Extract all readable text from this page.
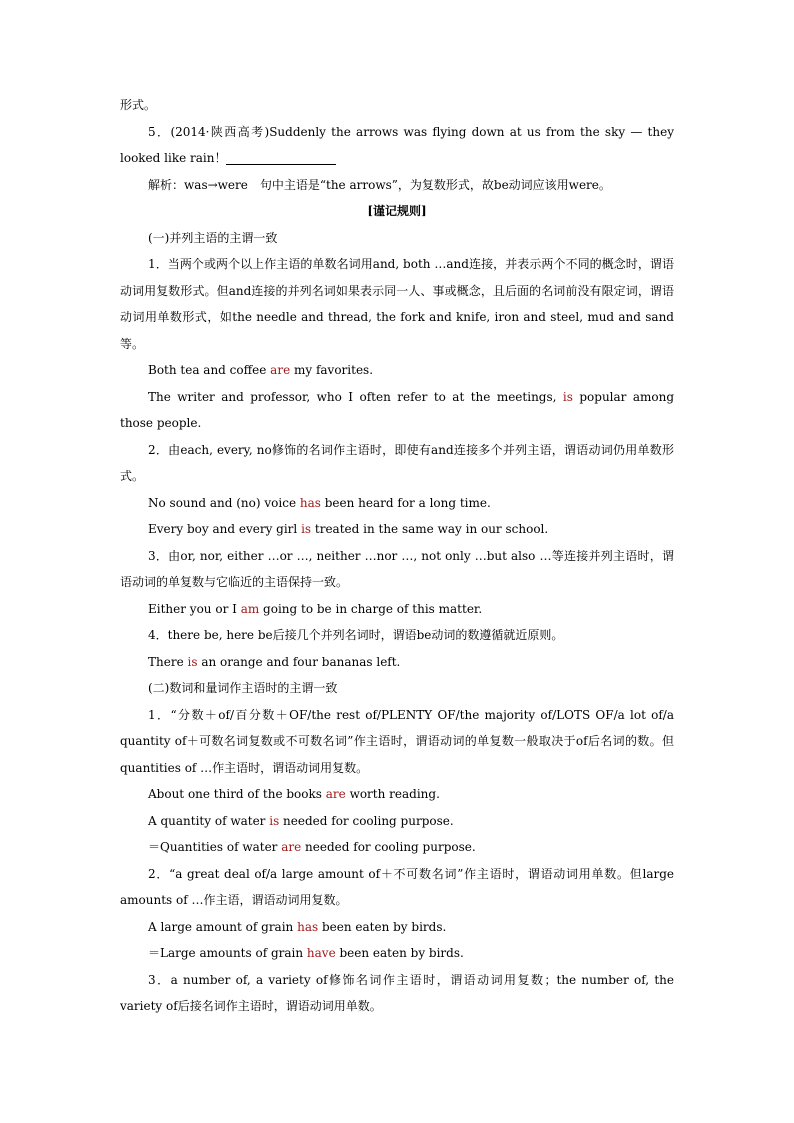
形式。

5．(2014·陕西高考)Suddenly the arrows was flying down at us from the sky — they looked like rain！

解析：was→were　句中主语是“the arrows”，为复数形式，故be动词应该用were。

[谨记规则]

(一)并列主语的主谓一致

1．当两个或两个以上作主语的单数名词用and, both …and连接，并表示两个不同的概念时，谓语动词用复数形式。但and连接的并列名词如果表示同一人、事或概念，且后面的名词前没有限定词，谓语动词用单数形式，如the needle and thread, the fork and knife, iron and steel, mud and sand等。

Both tea and coffee are my favorites.

The writer and professor, who I often refer to at the meetings, is popular among those people.

2．由each, every, no修饰的名词作主语时，即使有and连接多个并列主语，谓语动词仍用单数形式。

No sound and (no) voice has been heard for a long time.

Every boy and every girl is treated in the same way in our school.

3．由or, nor, either …or …, neither …nor …, not only …but also …等连接并列主语时，谓语动词的单复数与它临近的主语保持一致。

Either you or I am going to be in charge of this matter.

4．there be, here be后接几个并列名词时，谓语be动词的数遵循就近原则。

There is an orange and four bananas left.

(二)数词和量词作主语时的主谓一致

1．“分数＋of/百分数＋OF/the rest of/PLENTY OF/the majority of/LOTS OF/a lot of/a quantity of＋可数名词复数或不可数名词”作主语时，谓语动词的单复数一般取决于of后名词的数。但quantities of …作主语时，谓语动词用复数。

About one third of the books are worth reading.

A quantity of water is needed for cooling purpose.

＝Quantities of water are needed for cooling purpose.

2．“a great deal of/a large amount of＋不可数名词”作主语时，谓语动词用单数。但large amounts of …作主语，谓语动词用复数。

A large amount of grain has been eaten by birds.

＝Large amounts of grain have been eaten by birds.

3．a number of, a variety of修饰名词作主语时，谓语动词用复数；the number of, the variety of后接名词作主语时，谓语动词用单数。
